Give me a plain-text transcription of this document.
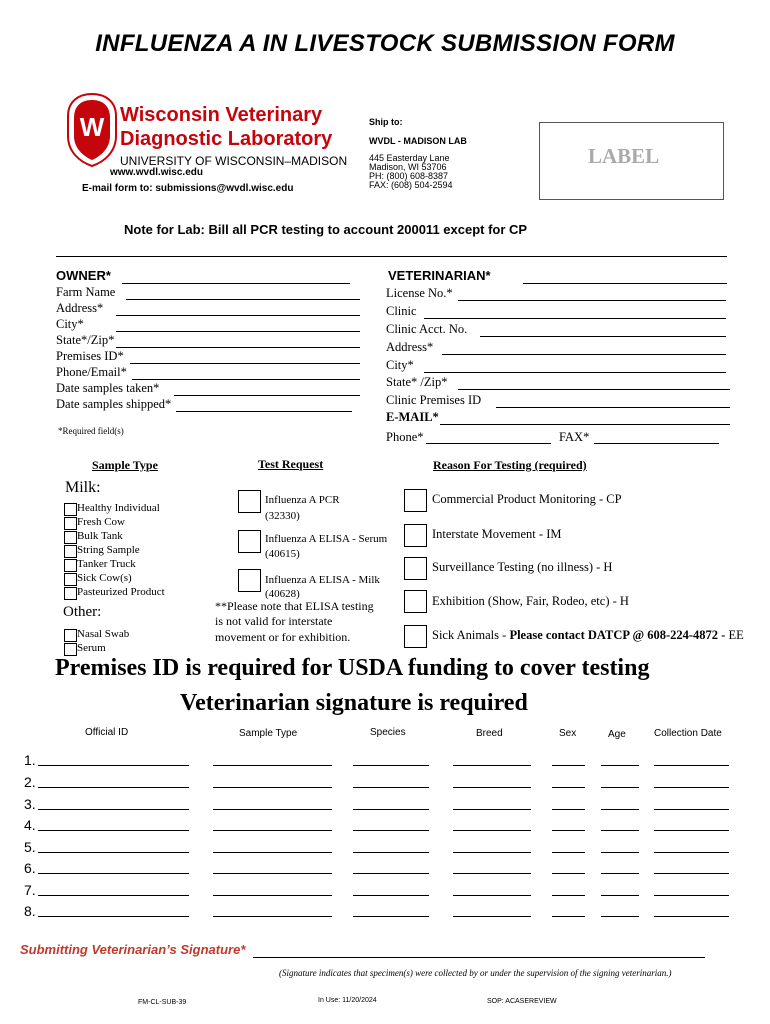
INFLUENZA A IN LIVESTOCK SUBMISSION FORM
W Wisconsin Veterinary
Diagnostic Laboratory
UNIVERSITY OF WISCONSIN–MADISON
www.wvdl.wisc.edu
E-mail form to: submissions@wvdl.wisc.edu
Ship to:
WVDL - MADISON LAB
445 Easterday Lane
Madison, WI 53706
PH: (800) 608-8387
FAX: (608) 504-2594
LABEL
Note for Lab: Bill all PCR testing to account 200011 except for CP
OWNER*
Farm Name
Address*
City*
State*/Zip*
Premises ID*
Phone/Email*
Date samples taken*
Date samples shipped*
*Required field(s)
VETERINARIAN*
License No.*
Clinic
Clinic Acct. No.
Address*
City*
State* /Zip*
Clinic Premises ID
E-MAIL*
Phone*	FAX*
Sample Type
Milk:
Healthy Individual
Fresh Cow
Bulk Tank
String Sample
Tanker Truck
Sick Cow(s)
Pasteurized Product
Other:
Nasal Swab
Serum
Test Request
Influenza A PCR
(32330)
Influenza A ELISA - Serum
(40615)
Influenza A ELISA - Milk
(40628)
**Please note that ELISA testing
is not valid for interstate
movement or for exhibition.
Reason For Testing (required)
Commercial Product Monitoring - CP
Interstate Movement - IM
Surveillance Testing (no illness) - H
Exhibition (Show, Fair, Rodeo, etc) - H
Sick Animals - Please contact DATCP @ 608-224-4872 - EE
Premises ID is required for USDA funding to cover testing
Veterinarian signature is required
Official ID	Sample Type	Species	Breed	Sex	Age	Collection Date
1.
2.
3.
4.
5.
6.
7.
8.
Submitting Veterinarian’s Signature*
(Signature indicates that specimen(s) were collected by or under the supervision of the signing veterinarian.)
FM-CL-SUB-39	In Use: 11/20/2024	SOP: ACASEREVIEW
